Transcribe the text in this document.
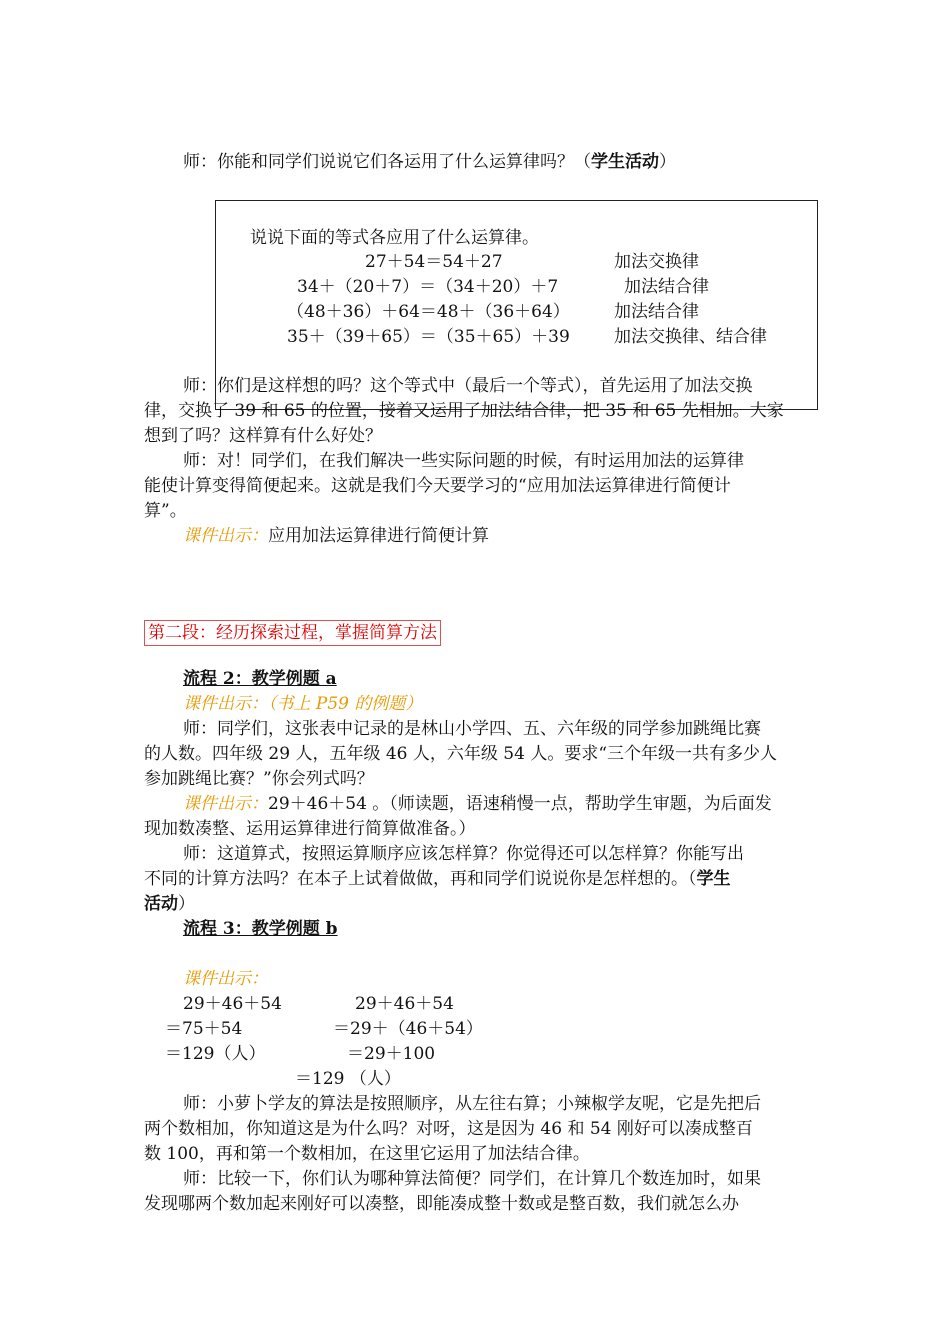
师：你能和同学们说说它们各运用了什么运算律吗？（学生活动）
说说下面的等式各应用了什么运算律。
27＋54＝54＋27	加法交换律
34＋（20＋7）＝（34＋20）＋7	加法结合律
（48＋36）＋64＝48＋（36＋64）	加法结合律
35＋（39＋65）＝（35＋65）＋39	加法交换律、结合律
师：你们是这样想的吗？这个等式中（最后一个等式），首先运用了加法交换
律，交换了 39 和 65 的位置，接着又运用了加法结合律，把 35 和 65 先相加。大家
想到了吗？这样算有什么好处？
师：对！同学们，在我们解决一些实际问题的时候，有时运用加法的运算律
能使计算变得简便起来。这就是我们今天要学习的“应用加法运算律进行简便计
算”。
课件出示：应用加法运算律进行简便计算
第二段：经历探索过程，掌握简算方法
流程 2：教学例题 a
课件出示：（书上 P59 的例题）
师：同学们，这张表中记录的是林山小学四、五、六年级的同学参加跳绳比赛
的人数。四年级 29 人，五年级 46 人，六年级 54 人。要求“三个年级一共有多少人
参加跳绳比赛？”你会列式吗？
课件出示：29＋46＋54 。（师读题，语速稍慢一点，帮助学生审题，为后面发
现加数凑整、运用运算律进行简算做准备。）
师：这道算式，按照运算顺序应该怎样算？你觉得还可以怎样算？你能写出
不同的计算方法吗？在本子上试着做做，再和同学们说说你是怎样想的。（学生
活动）
流程 3：教学例题 b
课件出示：
29＋46＋54
＝75＋54
＝129（人）
29＋46＋54
＝29＋（46＋54）
＝29＋100
＝129 （人）
师：小萝卜学友的算法是按照顺序，从左往右算；小辣椒学友呢，它是先把后
两个数相加，你知道这是为什么吗？对呀，这是因为 46 和 54 刚好可以凑成整百
数 100，再和第一个数相加，在这里它运用了加法结合律。
师：比较一下，你们认为哪种算法简便？同学们，在计算几个数连加时，如果
发现哪两个数加起来刚好可以凑整，即能凑成整十数或是整百数，我们就怎么办
